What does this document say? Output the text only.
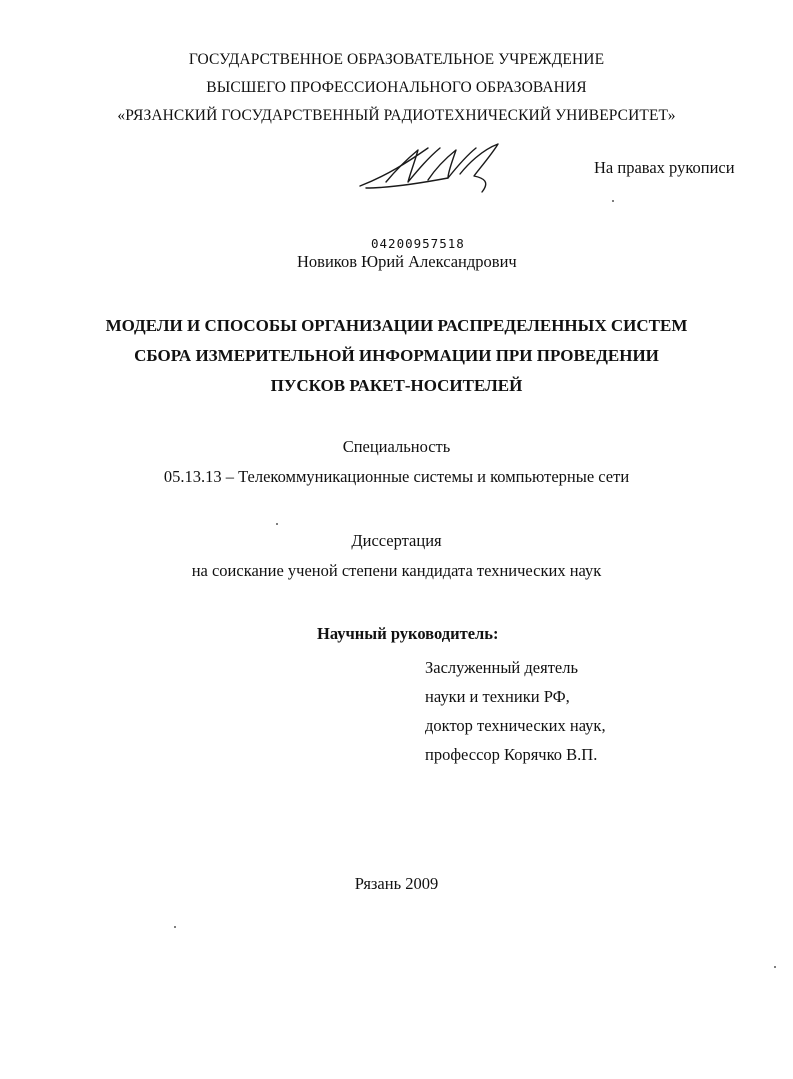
ГОСУДАРСТВЕННОЕ ОБРАЗОВАТЕЛЬНОЕ УЧРЕЖДЕНИЕ
ВЫСШЕГО ПРОФЕССИОНАЛЬНОГО ОБРАЗОВАНИЯ
«РЯЗАНСКИЙ ГОСУДАРСТВЕННЫЙ РАДИОТЕХНИЧЕСКИЙ УНИВЕРСИТЕТ»
На правах рукописи
04200957518
Новиков Юрий Александрович
МОДЕЛИ И СПОСОБЫ ОРГАНИЗАЦИИ РАСПРЕДЕЛЕННЫХ СИСТЕМ
СБОРА ИЗМЕРИТЕЛЬНОЙ ИНФОРМАЦИИ ПРИ ПРОВЕДЕНИИ
ПУСКОВ РАКЕТ-НОСИТЕЛЕЙ
Специальность
05.13.13 – Телекоммуникационные системы и компьютерные сети
Диссертация
на соискание ученой степени кандидата технических наук
Научный руководитель:
Заслуженный деятель
науки и техники РФ,
доктор технических наук,
профессор Корячко В.П.
Рязань 2009
